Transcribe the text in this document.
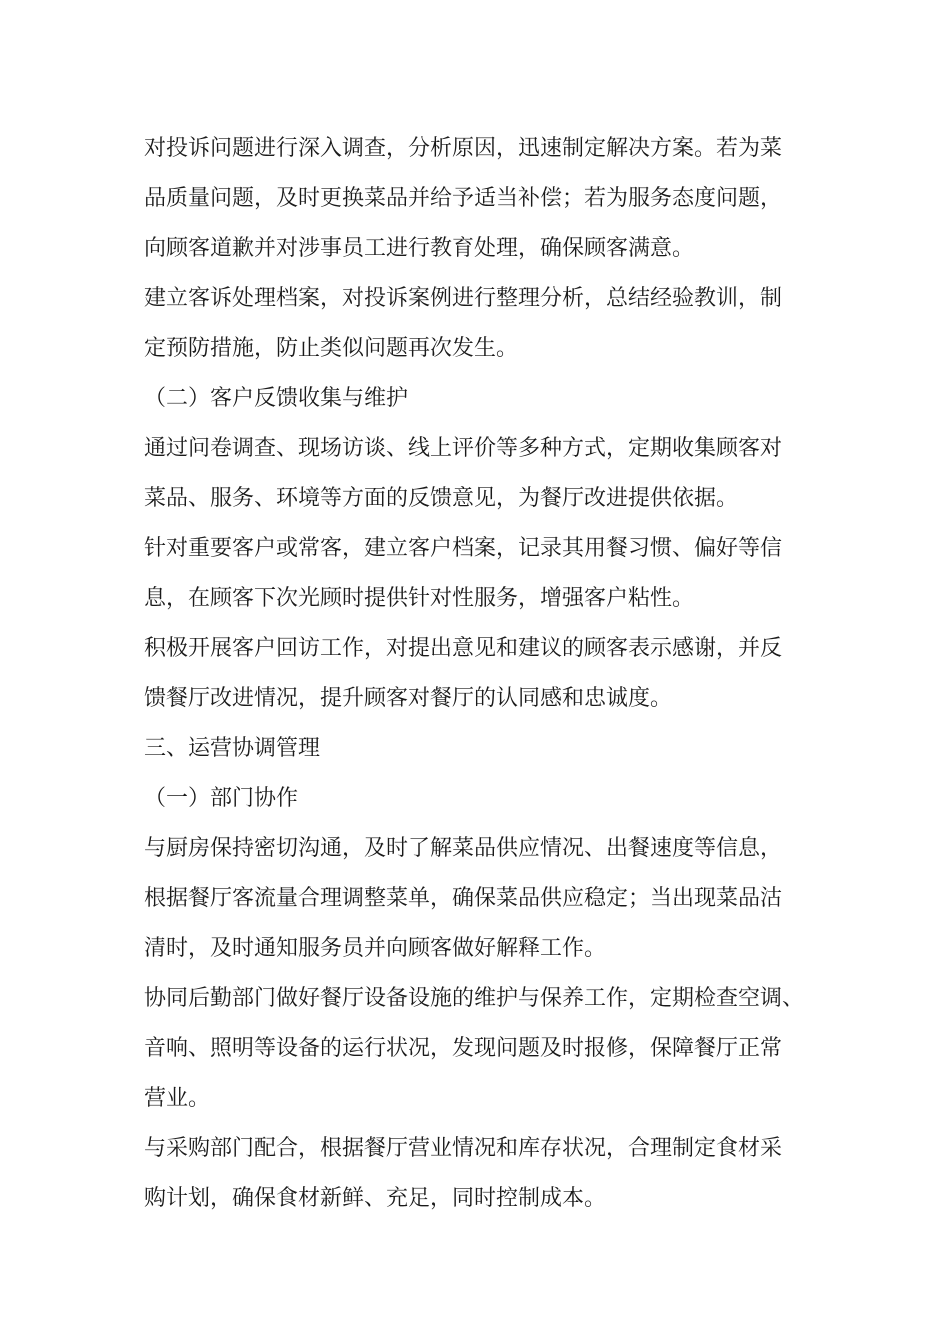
对投诉问题进行深入调查，分析原因，迅速制定解决方案。若为菜
品质量问题，及时更换菜品并给予适当补偿；若为服务态度问题，
向顾客道歉并对涉事员工进行教育处理，确保顾客满意。
建立客诉处理档案，对投诉案例进行整理分析，总结经验教训，制
定预防措施，防止类似问题再次发生。
（二）客户反馈收集与维护
通过问卷调查、现场访谈、线上评价等多种方式，定期收集顾客对
菜品、服务、环境等方面的反馈意见，为餐厅改进提供依据。
针对重要客户或常客，建立客户档案，记录其用餐习惯、偏好等信
息，在顾客下次光顾时提供针对性服务，增强客户粘性。
积极开展客户回访工作，对提出意见和建议的顾客表示感谢，并反
馈餐厅改进情况，提升顾客对餐厅的认同感和忠诚度。
三、运营协调管理
（一）部门协作
与厨房保持密切沟通，及时了解菜品供应情况、出餐速度等信息，
根据餐厅客流量合理调整菜单，确保菜品供应稳定；当出现菜品沽
清时，及时通知服务员并向顾客做好解释工作。
协同后勤部门做好餐厅设备设施的维护与保养工作，定期检查空调、
音响、照明等设备的运行状况，发现问题及时报修，保障餐厅正常
营业。
与采购部门配合，根据餐厅营业情况和库存状况，合理制定食材采
购计划，确保食材新鲜、充足，同时控制成本。
